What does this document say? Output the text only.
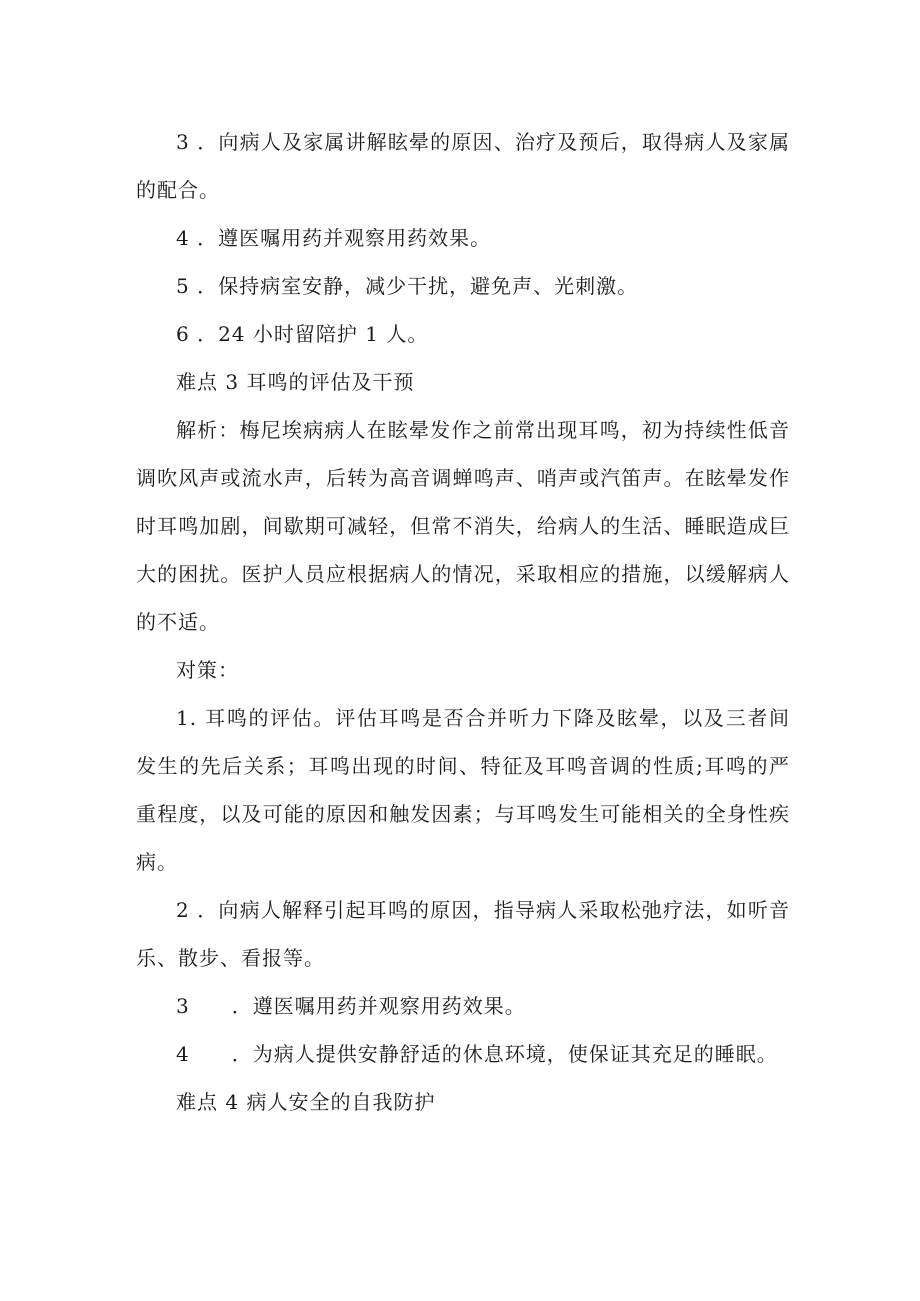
3 ．向病人及家属讲解眩晕的原因、治疗及预后，取得病人及家属的配合。

4 ．遵医嘱用药并观察用药效果。

5 ．保持病室安静，减少干扰，避免声、光刺激。

6 ．24 小时留陪护 1 人。

难点 3 耳鸣的评估及干预

解析：梅尼埃病病人在眩晕发作之前常出现耳鸣，初为持续性低音调吹风声或流水声，后转为高音调蝉鸣声、哨声或汽笛声。在眩晕发作时耳鸣加剧，间歇期可减轻，但常不消失，给病人的生活、睡眠造成巨大的困扰。医护人员应根据病人的情况，采取相应的措施，以缓解病人的不适。

对策：

1. 耳鸣的评估。评估耳鸣是否合并听力下降及眩晕，以及三者间发生的先后关系；耳鸣出现的时间、特征及耳鸣音调的性质;耳鸣的严重程度，以及可能的原因和触发因素；与耳鸣发生可能相关的全身性疾病。

2 ．向病人解释引起耳鸣的原因，指导病人采取松弛疗法，如听音乐、散步、看报等。

3　　．遵医嘱用药并观察用药效果。

4　　．为病人提供安静舒适的休息环境，使保证其充足的睡眠。

难点 4 病人安全的自我防护
